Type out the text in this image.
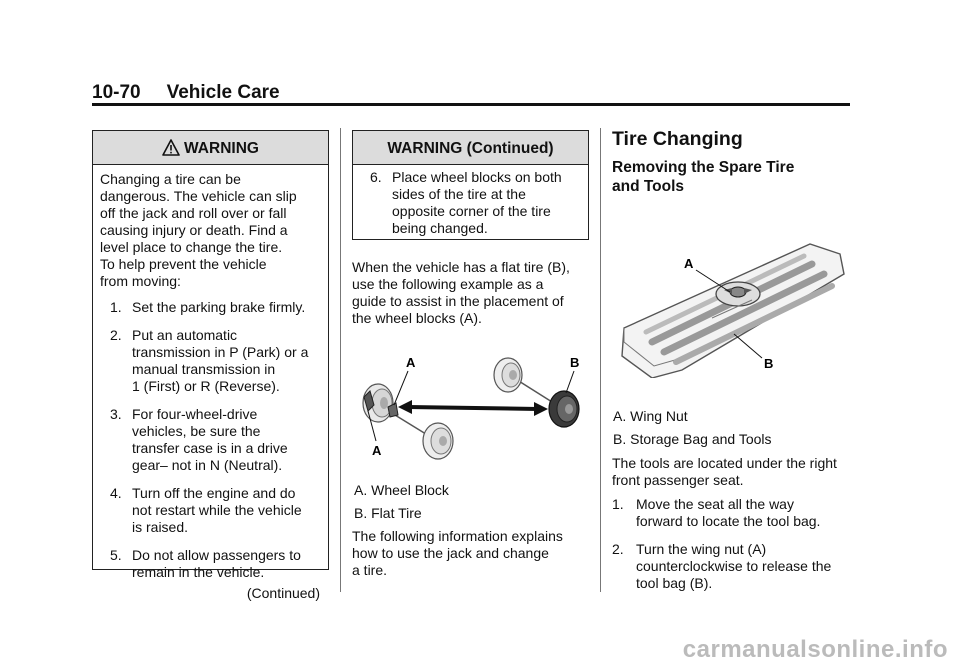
10-70 Vehicle Care
WARNING
Changing a tire can be
dangerous. The vehicle can slip
off the jack and roll over or fall
causing injury or death. Find a
level place to change the tire.
To help prevent the vehicle
from moving:
1. Set the parking brake firmly.
2. Put an automatic
transmission in P (Park) or a
manual transmission in
1 (First) or R (Reverse).
3. For four-wheel-drive
vehicles, be sure the
transfer case is in a drive
gear– not in N (Neutral).
4. Turn off the engine and do
not restart while the vehicle
is raised.
5. Do not allow passengers to
remain in the vehicle.
(Continued)
WARNING (Continued)
6. Place wheel blocks on both
sides of the tire at the
opposite corner of the tire
being changed.
When the vehicle has a flat tire (B),
use the following example as a
guide to assist in the placement of
the wheel blocks (A).
A
A
B
A. Wheel Block
B. Flat Tire
The following information explains
how to use the jack and change
a tire.
Tire Changing
Removing the Spare Tire
and Tools
A
B
A. Wing Nut
B. Storage Bag and Tools
The tools are located under the right
front passenger seat.
1. Move the seat all the way
forward to locate the tool bag.
2. Turn the wing nut (A)
counterclockwise to release the
tool bag (B).
carmanualsonline.info
